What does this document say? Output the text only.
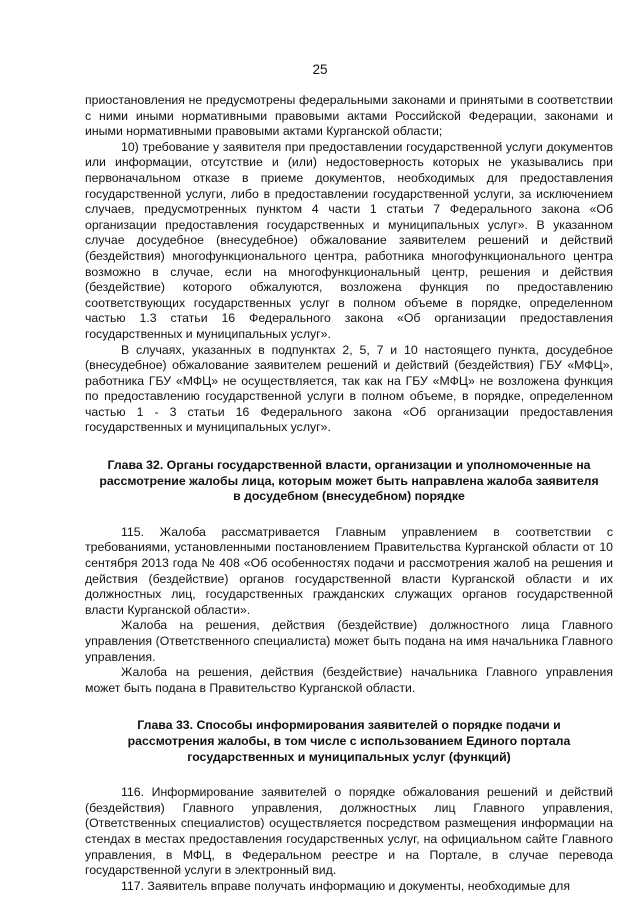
25

приостановления не предусмотрены федеральными законами и принятыми в соответствии с ними иными нормативными правовыми актами Российской Федерации, законами и иными нормативными правовыми актами Курганской области;

10) требование у заявителя при предоставлении государственной услуги документов или информации, отсутствие и (или) недостоверность которых не указывались при первоначальном отказе в приеме документов, необходимых для предоставления государственной услуги, либо в предоставлении государственной услуги, за исключением случаев, предусмотренных пунктом 4 части 1 статьи 7 Федерального закона «Об организации предоставления государственных и муниципальных услуг». В указанном случае досудебное (внесудебное) обжалование заявителем решений и действий (бездействия) многофункционального центра, работника многофункционального центра возможно в случае, если на многофункциональный центр, решения и действия (бездействие) которого обжалуются, возложена функция по предоставлению соответствующих государственных услуг в полном объеме в порядке, определенном частью 1.3 статьи 16 Федерального закона «Об организации предоставления государственных и муниципальных услуг».

В случаях, указанных в подпунктах 2, 5, 7 и 10 настоящего пункта, досудебное (внесудебное) обжалование заявителем решений и действий (бездействия) ГБУ «МФЦ», работника ГБУ «МФЦ» не осуществляется, так как на ГБУ «МФЦ» не возложена функция по предоставлению государственной услуги в полном объеме, в порядке, определенном частью 1 - 3 статьи 16 Федерального закона «Об организации предоставления государственных и муниципальных услуг».

Глава 32. Органы государственной власти, организации и уполномоченные на
рассмотрение жалобы лица, которым может быть направлена жалоба заявителя
в досудебном (внесудебном) порядке

115. Жалоба рассматривается Главным управлением в соответствии с требованиями, установленными постановлением Правительства Курганской области от 10 сентября 2013 года № 408 «Об особенностях подачи и рассмотрения жалоб на решения и действия (бездействие) органов государственной власти Курганской области и их должностных лиц, государственных гражданских служащих органов государственной власти Курганской области».

Жалоба на решения, действия (бездействие) должностного лица Главного управления (Ответственного специалиста) может быть подана на имя начальника Главного управления.

Жалоба на решения, действия (бездействие) начальника Главного управления может быть подана в Правительство Курганской области.

Глава 33. Способы информирования заявителей о порядке подачи и
рассмотрения жалобы, в том числе с использованием Единого портала
государственных и муниципальных услуг (функций)

116. Информирование заявителей о порядке обжалования решений и действий (бездействия) Главного управления, должностных лиц Главного управления, (Ответственных специалистов) осуществляется посредством размещения информации на стендах в местах предоставления государственных услуг, на официальном сайте Главного управления, в МФЦ, в Федеральном реестре и на Портале, в случае перевода государственной услуги в электронный вид.

117. Заявитель вправе получать информацию и документы, необходимые для
